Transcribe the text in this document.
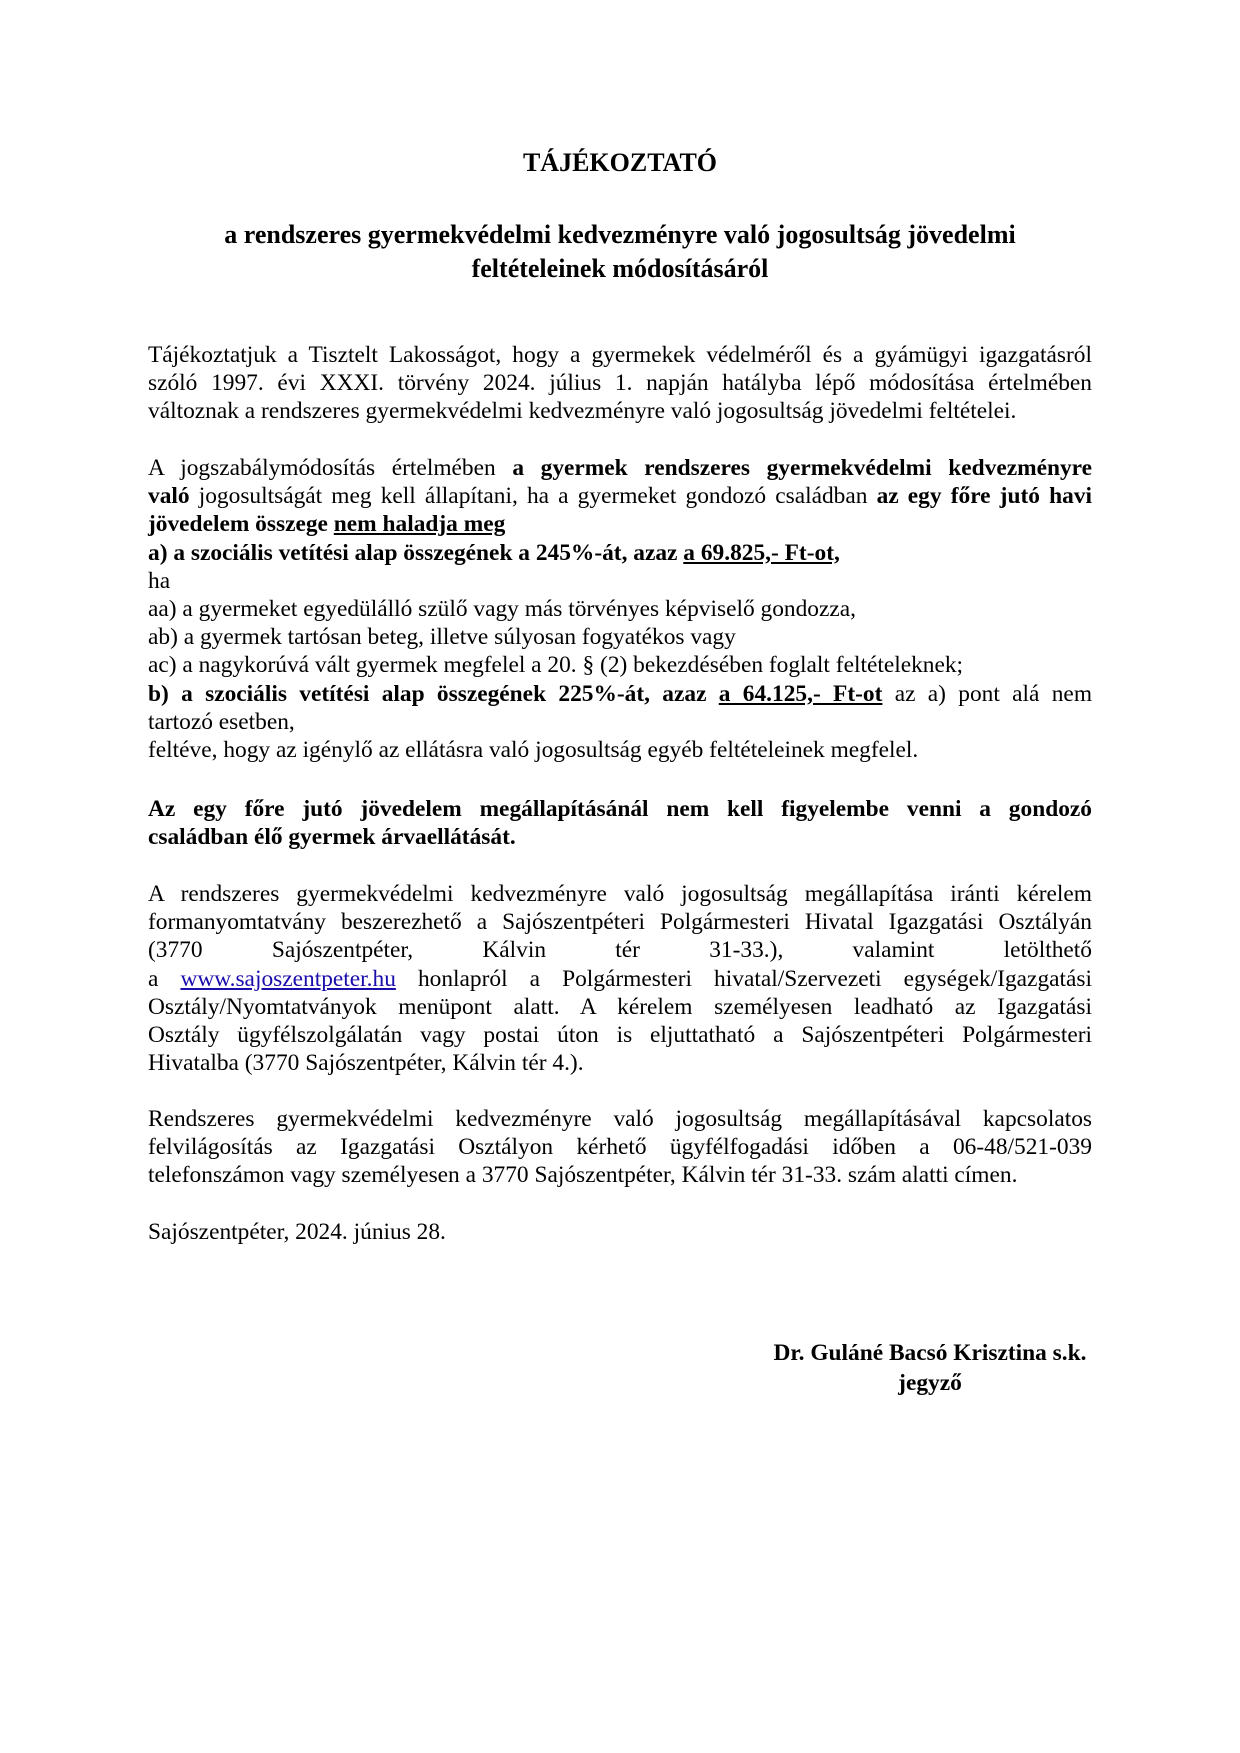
TÁJÉKOZTATÓ
a rendszeres gyermekvédelmi kedvezményre való jogosultság jövedelmi
feltételeinek módosításáról
Tájékoztatjuk a Tisztelt Lakosságot, hogy a gyermekek védelméről és a gyámügyi igazgatásról
szóló 1997. évi XXXI. törvény 2024. július 1. napján hatályba lépő módosítása értelmében
változnak a rendszeres gyermekvédelmi kedvezményre való jogosultság jövedelmi feltételei.
A jogszabálymódosítás értelmében a gyermek rendszeres gyermekvédelmi kedvezményre
való jogosultságát meg kell állapítani, ha a gyermeket gondozó családban az egy főre jutó havi
jövedelem összege nem haladja meg
a) a szociális vetítési alap összegének a 245%-át, azaz a 69.825,- Ft-ot,
ha
aa) a gyermeket egyedülálló szülő vagy más törvényes képviselő gondozza,
ab) a gyermek tartósan beteg, illetve súlyosan fogyatékos vagy
ac) a nagykorúvá vált gyermek megfelel a 20. § (2) bekezdésében foglalt feltételeknek;
b) a szociális vetítési alap összegének 225%-át, azaz a 64.125,- Ft-ot az a) pont alá nem
tartozó esetben,
feltéve, hogy az igénylő az ellátásra való jogosultság egyéb feltételeinek megfelel.
Az egy főre jutó jövedelem megállapításánál nem kell figyelembe venni a gondozó
családban élő gyermek árvaellátását.
A rendszeres gyermekvédelmi kedvezményre való jogosultság megállapítása iránti kérelem
formanyomtatvány beszerezhető a Sajószentpéteri Polgármesteri Hivatal Igazgatási Osztályán
(3770 Sajószentpéter, Kálvin tér 31-33.), valamint letölthető
a www.sajoszentpeter.hu honlapról a Polgármesteri hivatal/Szervezeti egységek/Igazgatási
Osztály/Nyomtatványok menüpont alatt. A kérelem személyesen leadható az Igazgatási
Osztály ügyfélszolgálatán vagy postai úton is eljuttatható a Sajószentpéteri Polgármesteri
Hivatalba (3770 Sajószentpéter, Kálvin tér 4.).
Rendszeres gyermekvédelmi kedvezményre való jogosultság megállapításával kapcsolatos
felvilágosítás az Igazgatási Osztályon kérhető ügyfélfogadási időben a 06-48/521-039
telefonszámon vagy személyesen a 3770 Sajószentpéter, Kálvin tér 31-33. szám alatti címen.
Sajószentpéter, 2024. június 28.
Dr. Guláné Bacsó Krisztina s.k.
jegyző
